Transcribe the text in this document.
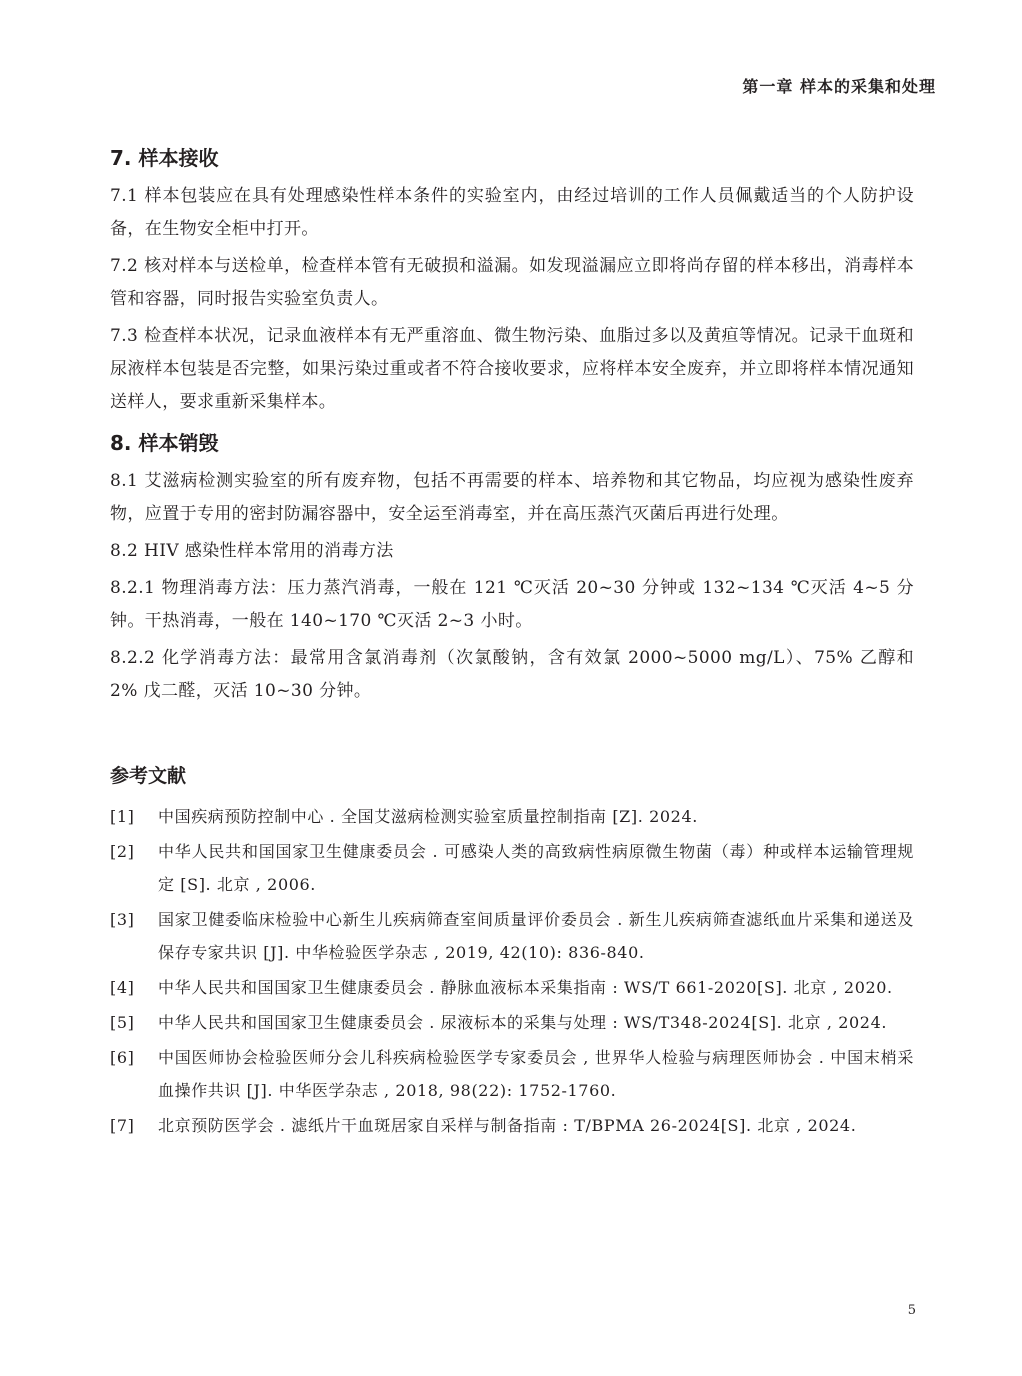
第一章 样本的采集和处理
7. 样本接收
7.1 样本包装应在具有处理感染性样本条件的实验室内，由经过培训的工作人员佩戴适当的个人防护设备，在生物安全柜中打开。
7.2 核对样本与送检单，检查样本管有无破损和溢漏。如发现溢漏应立即将尚存留的样本移出，消毒样本管和容器，同时报告实验室负责人。
7.3 检查样本状况，记录血液样本有无严重溶血、微生物污染、血脂过多以及黄疸等情况。记录干血斑和尿液样本包装是否完整，如果污染过重或者不符合接收要求，应将样本安全废弃，并立即将样本情况通知送样人，要求重新采集样本。
8. 样本销毁
8.1 艾滋病检测实验室的所有废弃物，包括不再需要的样本、培养物和其它物品，均应视为感染性废弃物，应置于专用的密封防漏容器中，安全运至消毒室，并在高压蒸汽灭菌后再进行处理。
8.2 HIV 感染性样本常用的消毒方法
8.2.1 物理消毒方法：压力蒸汽消毒，一般在 121 ℃灭活 20~30 分钟或 132~134 ℃灭活 4~5 分钟。干热消毒，一般在 140~170 ℃灭活 2~3 小时。
8.2.2 化学消毒方法：最常用含氯消毒剂（次氯酸钠，含有效氯 2000~5000 mg/L）、75% 乙醇和 2% 戊二醛，灭活 10~30 分钟。
参考文献
[1]	中国疾病预防控制中心 . 全国艾滋病检测实验室质量控制指南 [Z]. 2024.
[2]	中华人民共和国国家卫生健康委员会 . 可感染人类的高致病性病原微生物菌（毒）种或样本运输管理规定 [S]. 北京 , 2006.
[3]	国家卫健委临床检验中心新生儿疾病筛查室间质量评价委员会 . 新生儿疾病筛查滤纸血片采集和递送及保存专家共识 [J]. 中华检验医学杂志 , 2019, 42(10): 836-840.
[4]	中华人民共和国国家卫生健康委员会 . 静脉血液标本采集指南 : WS/T 661-2020[S]. 北京 , 2020.
[5]	中华人民共和国国家卫生健康委员会 . 尿液标本的采集与处理 : WS/T348-2024[S]. 北京 , 2024.
[6]	中国医师协会检验医师分会儿科疾病检验医学专家委员会 , 世界华人检验与病理医师协会 . 中国末梢采血操作共识 [J]. 中华医学杂志 , 2018, 98(22): 1752-1760.
[7]	北京预防医学会 . 滤纸片干血斑居家自采样与制备指南 : T/BPMA 26-2024[S]. 北京 , 2024.
5
